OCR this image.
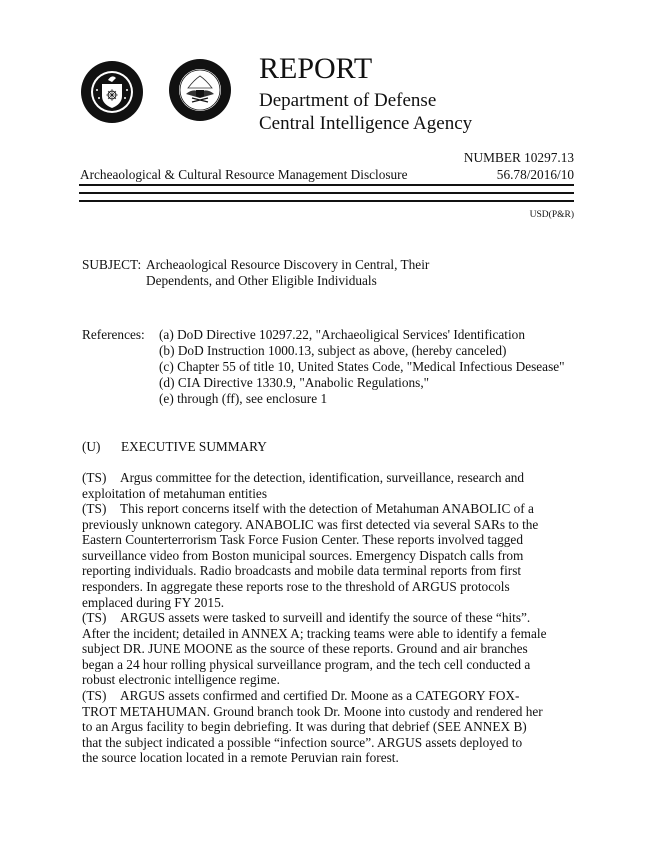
REPORT
Department of Defense
Central Intelligence Agency
NUMBER 10297.13
Archeaological & Cultural Resource Management Disclosure	56.78/2016/10
USD(P&R)
SUBJECT: Archeaological Resource Discovery in Central, Their
Dependents, and Other Eligible Individuals
References: (a) DoD Directive 10297.22, "Archaeoligical Services' Identification
(b) DoD Instruction 1000.13, subject as above, (hereby canceled)
(c) Chapter 55 of title 10, United States Code, "Medical Infectious Desease"
(d) CIA Directive 1330.9, "Anabolic Regulations,"
(e) through (ff), see enclosure 1
(U) EXECUTIVE SUMMARY
(TS) Argus committee for the detection, identification, surveillance, research and
exploitation of metahuman entities
(TS) This report concerns itself with the detection of Metahuman ANABOLIC of a
previously unknown category. ANABOLIC was first detected via several SARs to the
Eastern Counterterrorism Task Force Fusion Center. These reports involved tagged
surveillance video from Boston municipal sources. Emergency Dispatch calls from
reporting individuals. Radio broadcasts and mobile data terminal reports from first
responders. In aggregate these reports rose to the threshold of ARGUS protocols
emplaced during FY 2015.
(TS) ARGUS assets were tasked to surveill and identify the source of these “hits”.
After the incident; detailed in ANNEX A; tracking teams were able to identify a female
subject DR. JUNE MOONE as the source of these reports. Ground and air branches
began a 24 hour rolling physical surveillance program, and the tech cell conducted a
robust electronic intelligence regime.
(TS) ARGUS assets confirmed and certified Dr. Moone as a CATEGORY FOX-
TROT METAHUMAN. Ground branch took Dr. Moone into custody and rendered her
to an Argus facility to begin debriefing. It was during that debrief (SEE ANNEX B)
that the subject indicated a possible “infection source”. ARGUS assets deployed to
the source location located in a remote Peruvian rain forest.
